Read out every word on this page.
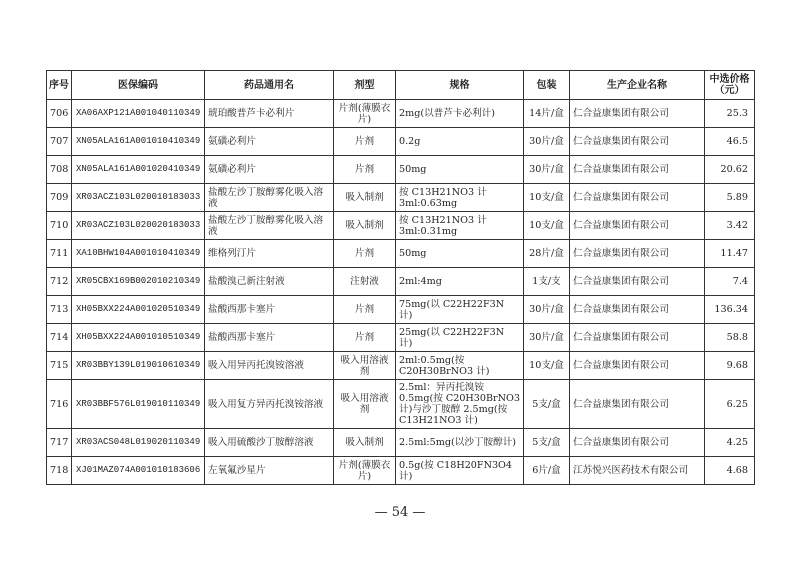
序号	医保编码	药品通用名	剂型	规格	包装	生产企业名称	中选价格（元）
706	XA06AXP121A001040110349	琥珀酸普芦卡必利片	片剂(薄膜衣片)	2mg(以普芦卡必利计)	14片/盒	仁合益康集团有限公司	25.3
707	XN05ALA161A001010410349	氨磺必利片	片剂	0.2g	30片/盒	仁合益康集团有限公司	46.5
708	XN05ALA161A001020410349	氨磺必利片	片剂	50mg	30片/盒	仁合益康集团有限公司	20.62
709	XR03ACZ103L020010183033	盐酸左沙丁胺醇雾化吸入溶液	吸入制剂	按 C13H21NO3 计 3ml:0.63mg	10支/盒	仁合益康集团有限公司	5.89
710	XR03ACZ103L020020183033	盐酸左沙丁胺醇雾化吸入溶液	吸入制剂	按 C13H21NO3 计 3ml:0.31mg	10支/盒	仁合益康集团有限公司	3.42
711	XA10BHW104A001010410349	维格列汀片	片剂	50mg	28片/盒	仁合益康集团有限公司	11.47
712	XR05CBX169B002010210349	盐酸溴己新注射液	注射液	2ml:4mg	1支/支	仁合益康集团有限公司	7.4
713	XH05BXX224A001020510349	盐酸西那卡塞片	片剂	75mg(以 C22H22F3N 计)	30片/盒	仁合益康集团有限公司	136.34
714	XH05BXX224A001010510349	盐酸西那卡塞片	片剂	25mg(以 C22H22F3N 计)	30片/盒	仁合益康集团有限公司	58.8
715	XR03BBY139L019010610349	吸入用异丙托溴铵溶液	吸入用溶液剂	2ml:0.5mg(按 C20H30BrNO3 计)	10支/盒	仁合益康集团有限公司	9.68
716	XR03BBF576L019010110349	吸入用复方异丙托溴铵溶液	吸入用溶液剂	2.5ml：异丙托溴铵 0.5mg(按 C20H30BrNO3 计)与沙丁胺醇 2.5mg(按 C13H21NO3 计)	5支/盒	仁合益康集团有限公司	6.25
717	XR03ACS048L019020110349	吸入用硫酸沙丁胺醇溶液	吸入制剂	2.5ml:5mg(以沙丁胺醇计)	5支/盒	仁合益康集团有限公司	4.25
718	XJ01MAZ074A001010183606	左氧氟沙星片	片剂(薄膜衣片)	0.5g(按 C18H20FN3O4 计)	6片/盒	江苏悦兴医药技术有限公司	4.68
— 54 —
